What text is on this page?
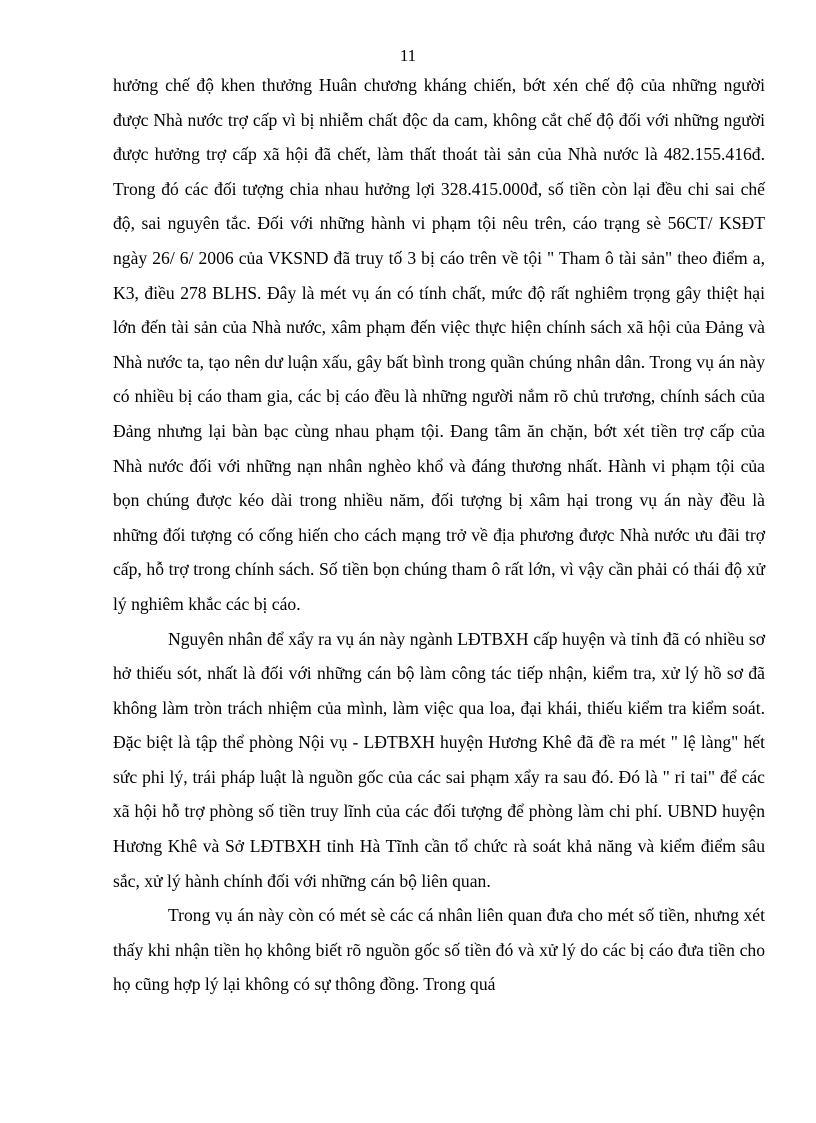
11

hưởng chế độ khen thưởng Huân chương kháng chiến, bớt xén chế độ của những người được Nhà nước trợ cấp vì bị nhiễm chất độc da cam, không cắt chế độ đối với những người được hưởng trợ cấp xã hội đã chết, làm thất thoát tài sản của Nhà nước là 482.155.416đ. Trong đó các đối tượng chia nhau hưởng lợi 328.415.000đ, số tiền còn lại đều chi sai chế độ, sai nguyên tắc. Đối với những hành vi phạm tội nêu trên, cáo trạng sè 56CT/ KSĐT ngày 26/ 6/ 2006 của VKSND đã truy tố 3 bị cáo trên về tội " Tham ô tài sản" theo điểm a, K3, điều 278 BLHS. Đây là mét vụ án có tính chất, mức độ rất nghiêm trọng gây thiệt hại lớn đến tài sản của Nhà nước, xâm phạm đến việc thực hiện chính sách xã hội của Đảng và Nhà nước ta, tạo nên dư luận xấu, gây bất bình trong quần chúng nhân dân. Trong vụ án này có nhiều bị cáo tham gia, các bị cáo đều là những người nắm rõ chủ trương, chính sách của Đảng nhưng lại bàn bạc cùng nhau phạm tội. Đang tâm ăn chặn, bớt xét tiền trợ cấp của Nhà nước đối với những nạn nhân nghèo khổ và đáng thương nhất. Hành vi phạm tội của bọn chúng được kéo dài trong nhiều năm, đối tượng bị xâm hại trong vụ án này đều là những đối tượng có cống hiến cho cách mạng trở về địa phương được Nhà nước ưu đãi trợ cấp, hỗ trợ trong chính sách. Số tiền bọn chúng tham ô rất lớn, vì vậy cần phải có thái độ xử lý nghiêm khắc các bị cáo.

Nguyên nhân để xẩy ra vụ án này ngành LĐTBXH cấp huyện và tỉnh đã có nhiều sơ hở thiếu sót, nhất là đối với những cán bộ làm công tác tiếp nhận, kiểm tra, xử lý hồ sơ đã không làm tròn trách nhiệm của mình, làm việc qua loa, đại khái, thiếu kiểm tra kiểm soát. Đặc biệt là tập thể phòng Nội vụ - LĐTBXH huyện Hương Khê đã đề ra mét " lệ làng" hết sức phi lý, trái pháp luật là nguồn gốc của các sai phạm xẩy ra sau đó. Đó là " rỉ tai" để các xã hội hỗ trợ phòng số tiền truy lĩnh của các đối tượng để phòng làm chi phí. UBND huyện Hương Khê và Sở LĐTBXH tỉnh Hà Tĩnh cần tổ chức rà soát khả năng và kiểm điểm sâu sắc, xử lý hành chính đối với những cán bộ liên quan.

Trong vụ án này còn có mét sè các cá nhân liên quan đưa cho mét số tiền, nhưng xét thấy khi nhận tiền họ không biết rõ nguồn gốc số tiền đó và xử lý do các bị cáo đưa tiền cho họ cũng hợp lý lại không có sự thông đồng. Trong quá
